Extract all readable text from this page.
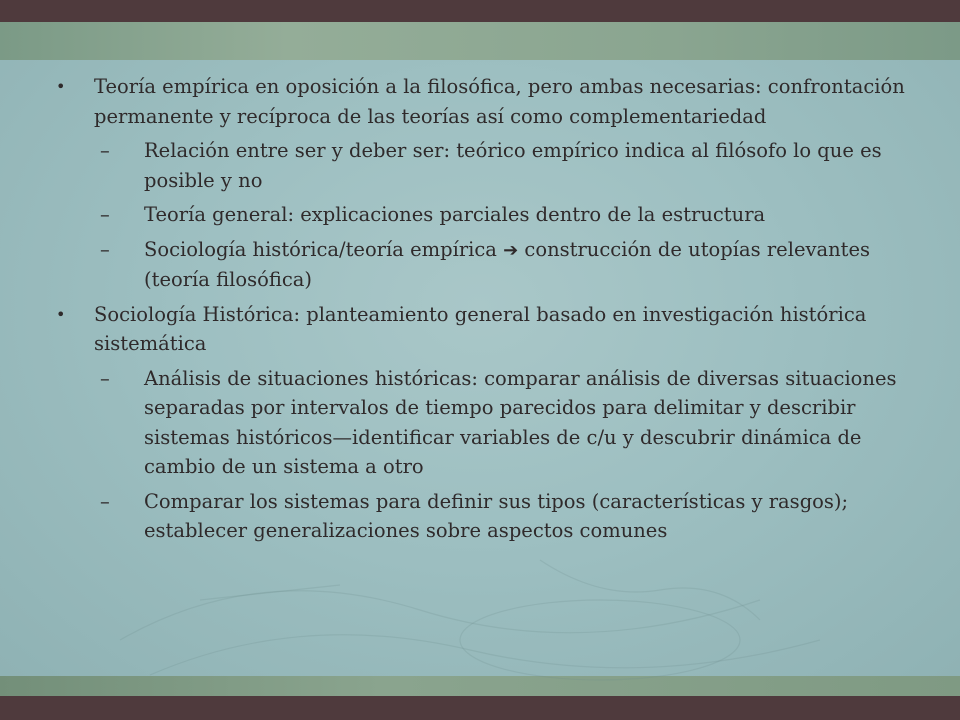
•	Teoría empírica en oposición a la filosófica, pero ambas necesarias: confrontación permanente y recíproca de las teorías así como complementariedad
–	Relación entre ser y deber ser: teórico empírico indica al filósofo lo que es posible y no
–	Teoría general: explicaciones parciales dentro de la estructura
–	Sociología histórica/teoría empírica ➔ construcción de utopías relevantes (teoría filosófica)
•	Sociología Histórica: planteamiento general basado en investigación histórica sistemática
–	Análisis de situaciones históricas: comparar análisis de diversas situaciones separadas por intervalos de tiempo parecidos para delimitar y describir sistemas históricos—identificar variables de c/u y descubrir dinámica de cambio de un sistema a otro
–	Comparar los sistemas para definir sus tipos (características y rasgos); establecer generalizaciones sobre aspectos comunes
